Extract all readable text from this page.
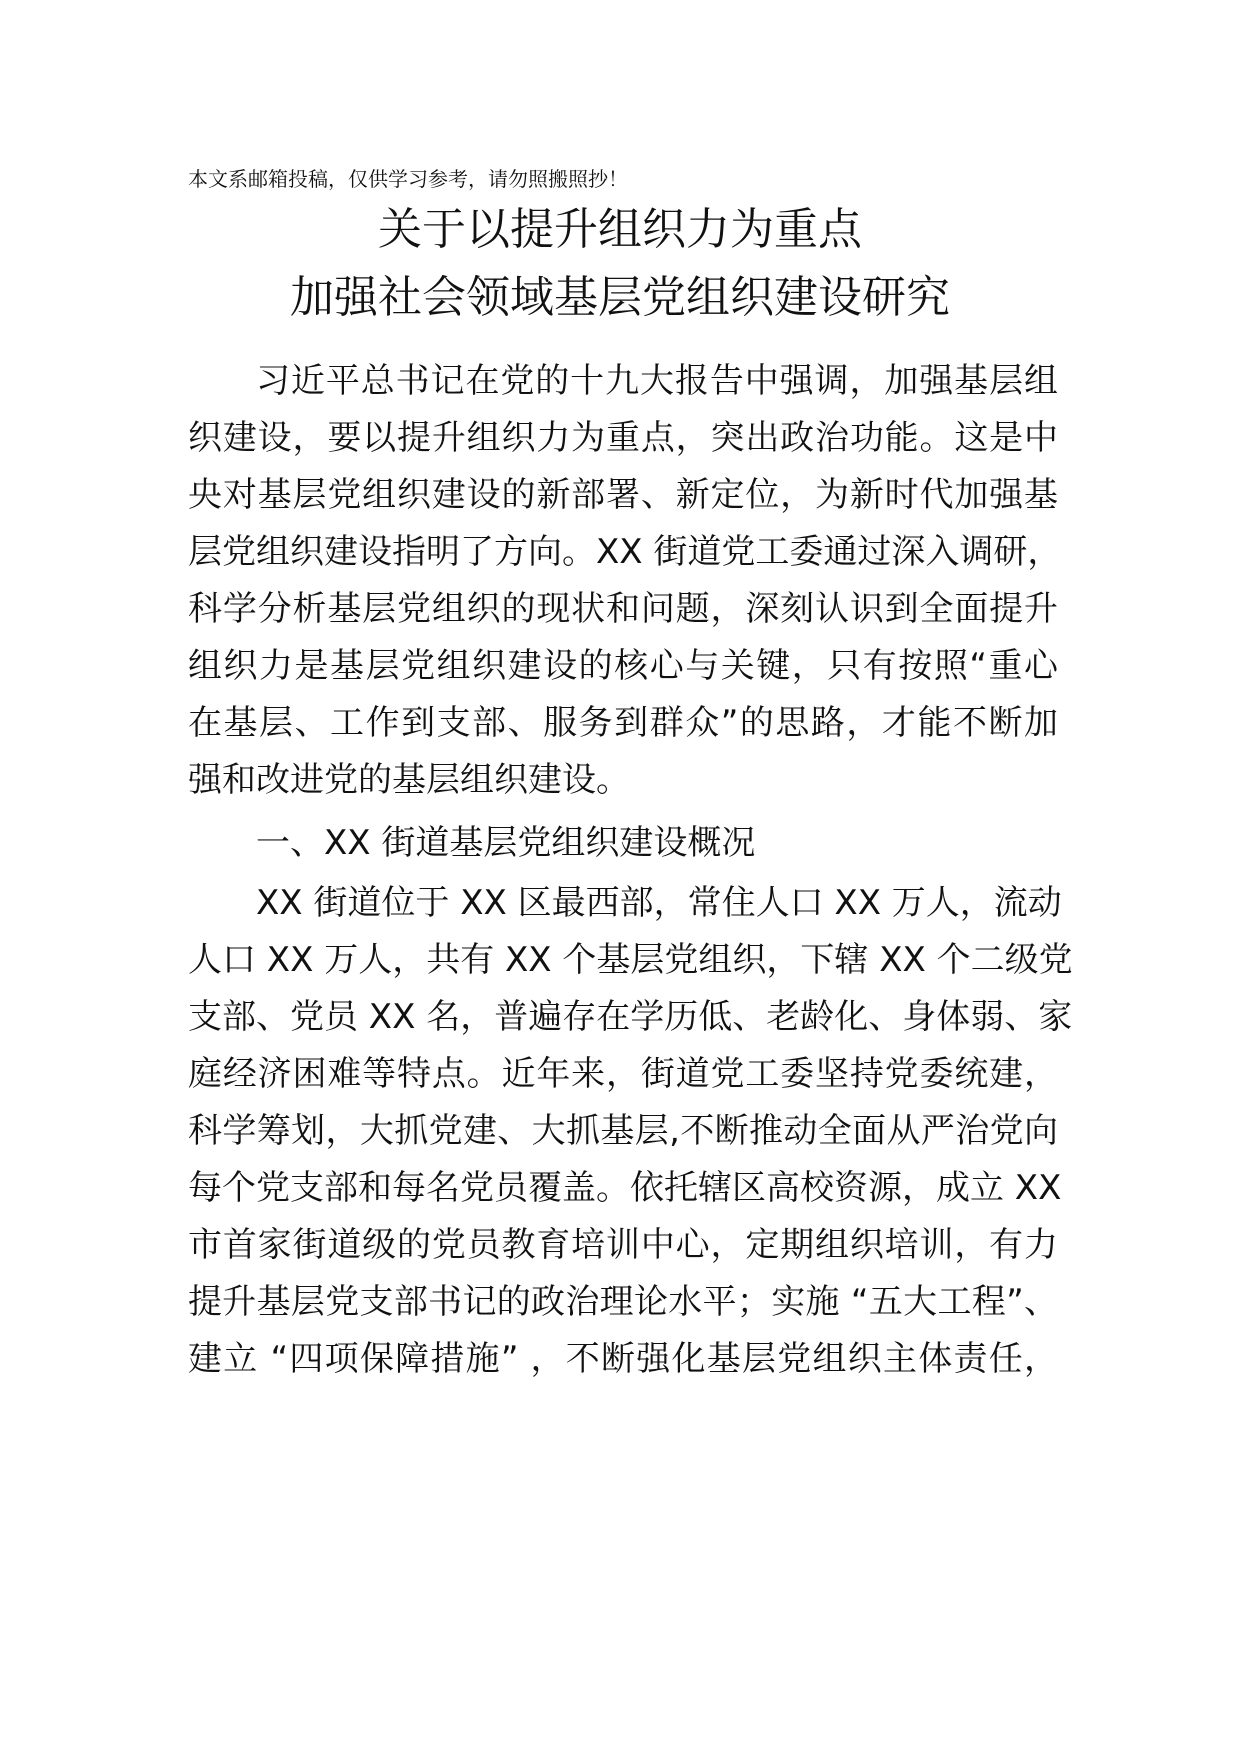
本文系邮箱投稿，仅供学习参考，请勿照搬照抄！
关于以提升组织力为重点
加强社会领域基层党组织建设研究
习近平总书记在党的十九大报告中强调，加强基层组
织建设，要以提升组织力为重点，突出政治功能。这是中
央对基层党组织建设的新部署、新定位，为新时代加强基
层党组织建设指明了方向。XX 街道党工委通过深入调研，
科学分析基层党组织的现状和问题，深刻认识到全面提升
组织力是基层党组织建设的核心与关键，只有按照“重心
在基层、工作到支部、服务到群众”的思路，才能不断加
强和改进党的基层组织建设。
一、XX 街道基层党组织建设概况
XX 街道位于 XX 区最西部，常住人口 XX 万人，流动
人口 XX 万人，共有 XX 个基层党组织，下辖 XX 个二级党
支部、党员 XX 名，普遍存在学历低、老龄化、身体弱、家
庭经济困难等特点。近年来，街道党工委坚持党委统建，
科学筹划，大抓党建、大抓基层,不断推动全面从严治党向
每个党支部和每名党员覆盖。依托辖区高校资源，成立 XX
市首家街道级的党员教育培训中心，定期组织培训，有力
提升基层党支部书记的政治理论水平；实施 “五大工程”、
建立 “四项保障措施” ，不断强化基层党组织主体责任，
